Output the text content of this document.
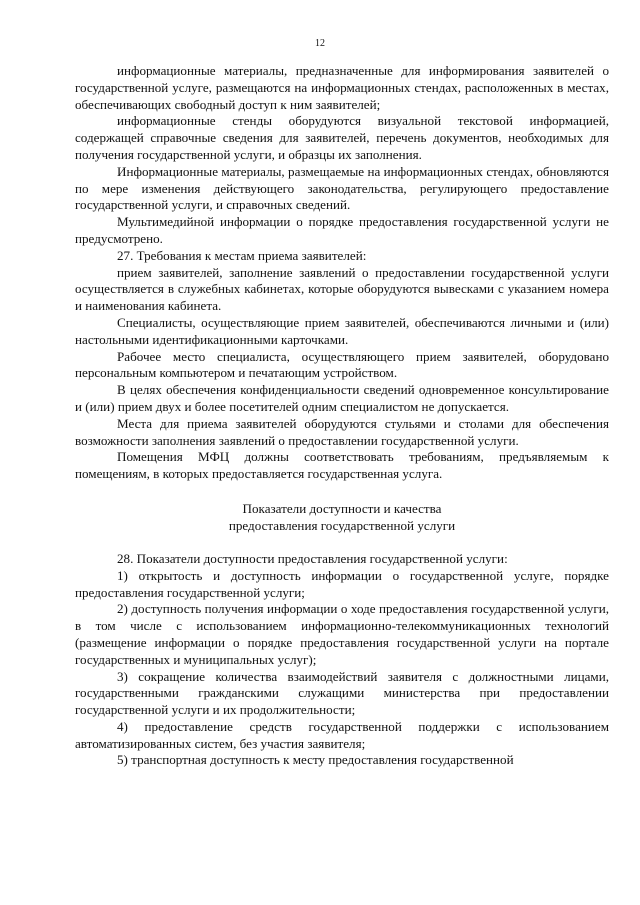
12

информационные материалы, предназначенные для информирования заявителей о государственной услуге, размещаются на информационных стендах, расположенных в местах, обеспечивающих свободный доступ к ним заявителей;

информационные стенды оборудуются визуальной текстовой информацией, содержащей справочные сведения для заявителей, перечень документов, необходимых для получения государственной услуги, и образцы их заполнения.

Информационные материалы, размещаемые на информационных стендах, обновляются по мере изменения действующего законодательства, регулирующего предоставление государственной услуги, и справочных сведений.

Мультимедийной информации о порядке предоставления государственной услуги не предусмотрено.

27. Требования к местам приема заявителей:

прием заявителей, заполнение заявлений о предоставлении государственной услуги осуществляется в служебных кабинетах, которые оборудуются вывесками с указанием номера и наименования кабинета.

Специалисты, осуществляющие прием заявителей, обеспечиваются личными и (или) настольными идентификационными карточками.

Рабочее место специалиста, осуществляющего прием заявителей, оборудовано персональным компьютером и печатающим устройством.

В целях обеспечения конфиденциальности сведений одновременное консультирование и (или) прием двух и более посетителей одним специалистом не допускается.

Места для приема заявителей оборудуются стульями и столами для обеспечения возможности заполнения заявлений о предоставлении государственной услуги.

Помещения МФЦ должны соответствовать требованиям, предъявляемым к помещениям, в которых предоставляется государственная услуга.

Показатели доступности и качества
предоставления государственной услуги

28. Показатели доступности предоставления государственной услуги:

1) открытость и доступность информации о государственной услуге, порядке предоставления государственной услуги;

2) доступность получения информации о ходе предоставления государственной услуги, в том числе с использованием информационно-телекоммуникационных технологий (размещение информации о порядке предоставления государственной услуги на портале государственных и муниципальных услуг);

3) сокращение количества взаимодействий заявителя с должностными лицами, государственными гражданскими служащими министерства при предоставлении государственной услуги и их продолжительности;

4) предоставление средств государственной поддержки с использованием автоматизированных систем, без участия заявителя;

5) транспортная доступность к месту предоставления государственной
